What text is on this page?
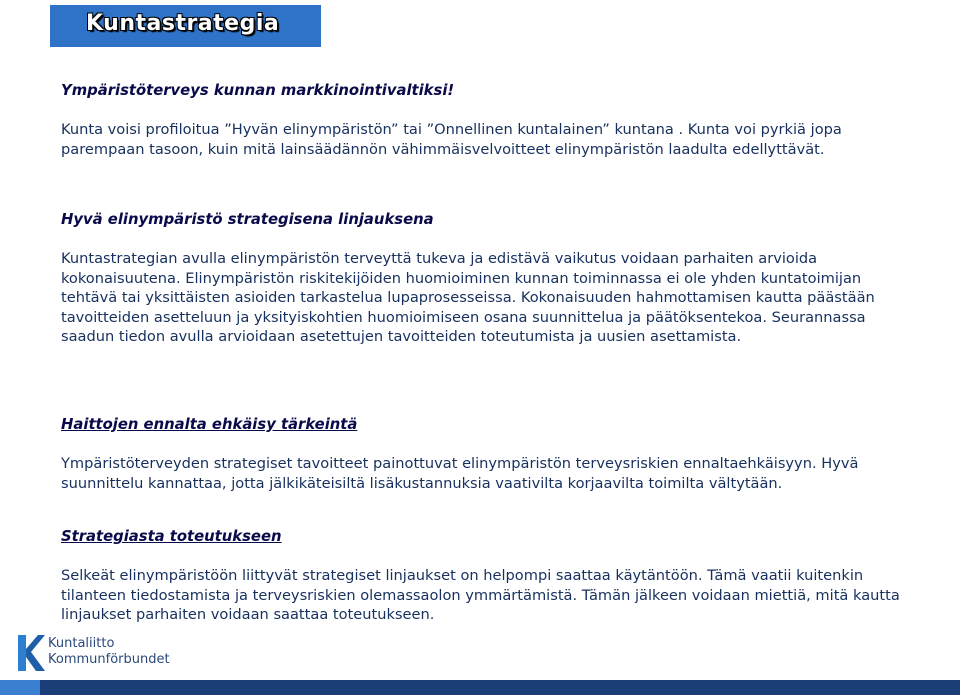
Kuntastrategia

Ympäristöterveys kunnan markkinointivaltiksi!

Kunta voisi profiloitua ”Hyvän elinympäristön” tai ”Onnellinen kuntalainen” kuntana . Kunta voi pyrkiä jopa parempaan tasoon, kuin mitä lainsäädännön vähimmäisvelvoitteet elinympäristön laadulta edellyttävät.

Hyvä elinympäristö strategisena linjauksena

Kuntastrategian avulla elinympäristön terveyttä tukeva ja edistävä vaikutus voidaan parhaiten arvioida kokonaisuutena. Elinympäristön riskitekijöiden huomioiminen kunnan toiminnassa ei ole yhden kuntatoimijan tehtävä tai yksittäisten asioiden tarkastelua lupaprosesseissa. Kokonaisuuden hahmottamisen kautta päästään tavoitteiden asetteluun ja yksityiskohtien huomioimiseen osana suunnittelua ja päätöksentekoa. Seurannassa saadun tiedon avulla arvioidaan asetettujen tavoitteiden toteutumista ja uusien asettamista.

Haittojen ennalta ehkäisy tärkeintä

Ympäristöterveyden strategiset tavoitteet painottuvat elinympäristön terveysriskien ennaltaehkäisyyn. Hyvä suunnittelu kannattaa, jotta jälkikäteisiltä lisäkustannuksia vaativilta korjaavilta toimilta vältytään.

Strategiasta toteutukseen

Selkeät elinympäristöön liittyvät strategiset linjaukset on helpompi saattaa käytäntöön. Tämä vaatii kuitenkin tilanteen tiedostamista ja terveysriskien olemassaolon ymmärtämistä. Tämän jälkeen voidaan miettiä, mitä kautta linjaukset parhaiten voidaan saattaa toteutukseen.

Kuntaliitto
Kommunförbundet
